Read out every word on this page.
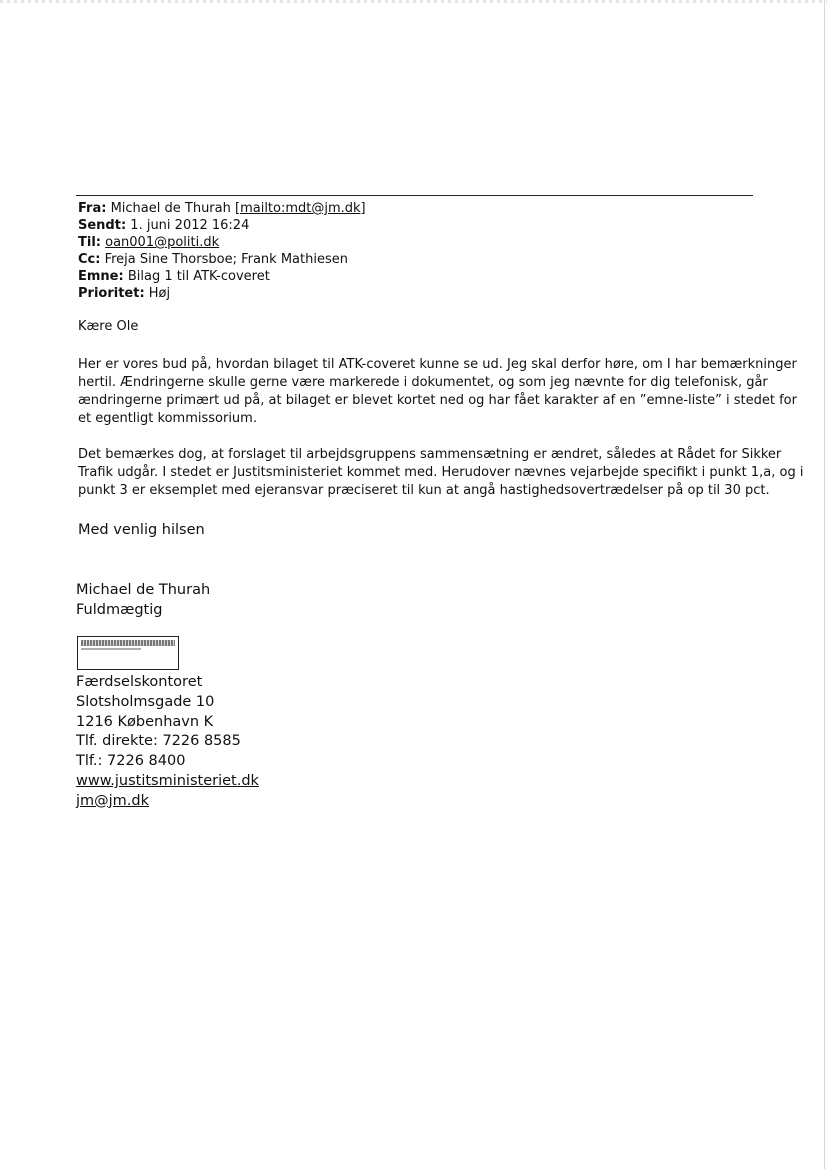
Fra: Michael de Thurah [mailto:mdt@jm.dk]
Sendt: 1. juni 2012 16:24
Til: oan001@politi.dk
Cc: Freja Sine Thorsboe; Frank Mathiesen
Emne: Bilag 1 til ATK-coveret
Prioritet: Høj
Kære Ole
Her er vores bud på, hvordan bilaget til ATK-coveret kunne se ud. Jeg skal derfor høre, om I har bemærkninger
hertil. Ændringerne skulle gerne være markerede i dokumentet, og som jeg nævnte for dig telefonisk, går
ændringerne primært ud på, at bilaget er blevet kortet ned og har fået karakter af en ”emne-liste” i stedet for
et egentligt kommissorium.
Det bemærkes dog, at forslaget til arbejdsgruppens sammensætning er ændret, således at Rådet for Sikker
Trafik udgår. I stedet er Justitsministeriet kommet med. Herudover nævnes vejarbejde specifikt i punkt 1,a, og i
punkt 3 er eksemplet med ejeransvar præciseret til kun at angå hastighedsovertrædelser på op til 30 pct.
Med venlig hilsen
Michael de Thurah
Fuldmægtig
Færdselskontoret
Slotsholmsgade 10
1216 København K
Tlf. direkte: 7226 8585
Tlf.: 7226 8400
www.justitsministeriet.dk
jm@jm.dk
